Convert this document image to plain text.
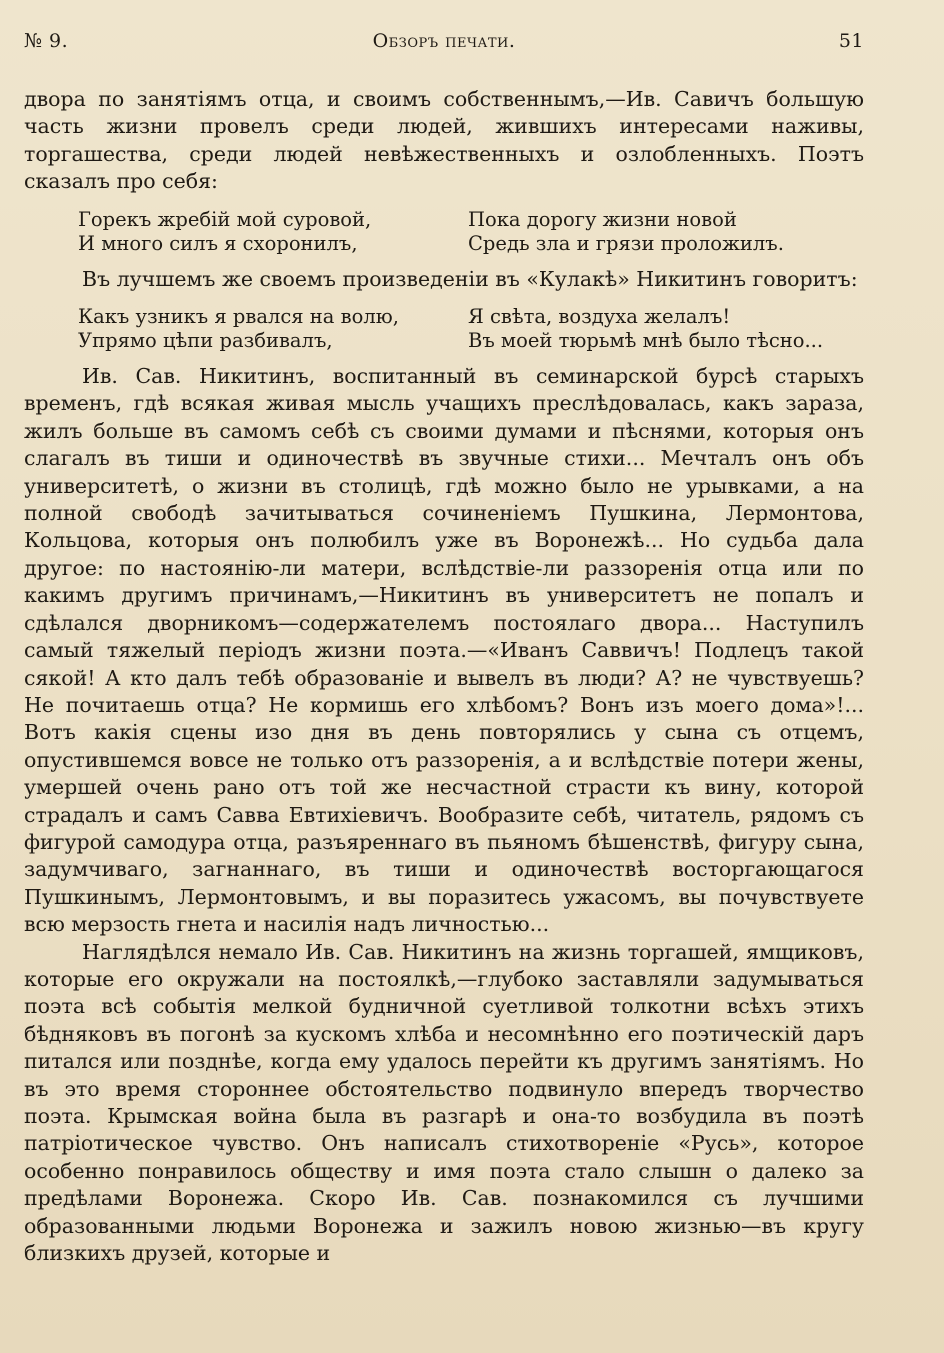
№ 9.	Обзоръ печати.	51

двора по занятіямъ отца, и своимъ собственнымъ,—Ив. Савичъ большую часть жизни провелъ среди людей, жившихъ интересами наживы, торгашества, среди людей невѣжественныхъ и озлобленныхъ. Поэтъ сказалъ про себя:

Горекъ жребій мой суровой,	Пока дорогу жизни новой
И много силъ я схоронилъ,	Средь зла и грязи проложилъ.

Въ лучшемъ же своемъ произведеніи въ «Кулакѣ» Никитинъ говоритъ:

Какъ узникъ я рвался на волю,	Я свѣта, воздуха желалъ!
Упрямо цѣпи разбивалъ,	Въ моей тюрьмѣ мнѣ было тѣсно...

Ив. Сав. Никитинъ, воспитанный въ семинарской бурсѣ старыхъ временъ, гдѣ всякая живая мысль учащихъ преслѣдовалась, какъ зараза, жилъ больше въ самомъ себѣ съ своими думами и пѣснями, которыя онъ слагалъ въ тиши и одиночествѣ въ звучные стихи... Мечталъ онъ объ университетѣ, о жизни въ столицѣ, гдѣ можно было не урывками, а на полной свободѣ зачитываться сочиненіемъ Пушкина, Лермонтова, Кольцова, которыя онъ полюбилъ уже въ Воронежѣ... Но судьба дала другое: по настоянію-ли матери, вслѣдствіе-ли раззоренія отца или по какимъ другимъ причинамъ,—Никитинъ въ университетъ не попалъ и сдѣлался дворникомъ—содержателемъ постоялаго двора... Наступилъ самый тяжелый періодъ жизни поэта.—«Иванъ Саввичъ! Подлецъ такой сякой! А кто далъ тебѣ образованіе и вывелъ въ люди? А? не чувствуешь? Не почитаешь отца? Не кормишь его хлѣбомъ? Вонъ изъ моего дома»!... Вотъ какія сцены изо дня въ день повторялись у сына съ отцемъ, опустившемся вовсе не только отъ раззоренія, а и вслѣдствіе потери жены, умершей очень рано отъ той же несчастной страсти къ вину, которой страдалъ и самъ Савва Евтихіевичъ. Вообразите себѣ, читатель, рядомъ съ фигурой самодура отца, разъяреннаго въ пьяномъ бѣшенствѣ, фигуру сына, задумчиваго, загнаннаго, въ тиши и одиночествѣ восторгающагося Пушкинымъ, Лермонтовымъ, и вы поразитесь ужасомъ, вы почувствуете всю мерзость гнета и насилія надъ личностью...

Наглядѣлся немало Ив. Сав. Никитинъ на жизнь торгашей, ямщиковъ, которые его окружали на постоялкѣ,—глубоко заставляли задумываться поэта всѣ событія мелкой будничной суетливой толкотни всѣхъ этихъ бѣдняковъ въ погонѣ за кускомъ хлѣба и несомнѣнно его поэтическій даръ питался или позднѣе, когда ему удалось перейти къ другимъ занятіямъ. Но въ это время стороннее обстоятельство подвинуло впередъ творчество поэта. Крымская война была въ разгарѣ и она-то возбудила въ поэтѣ патріотическое чувство. Онъ написалъ стихотвореніе «Русь», которое особенно понравилось обществу и имя поэта стало слышн о далеко за предѣлами Воронежа. Скоро Ив. Сав. познакомился съ лучшими образованными людьми Воронежа и зажилъ новою жизнью—въ кругу близкихъ друзей, которые и
